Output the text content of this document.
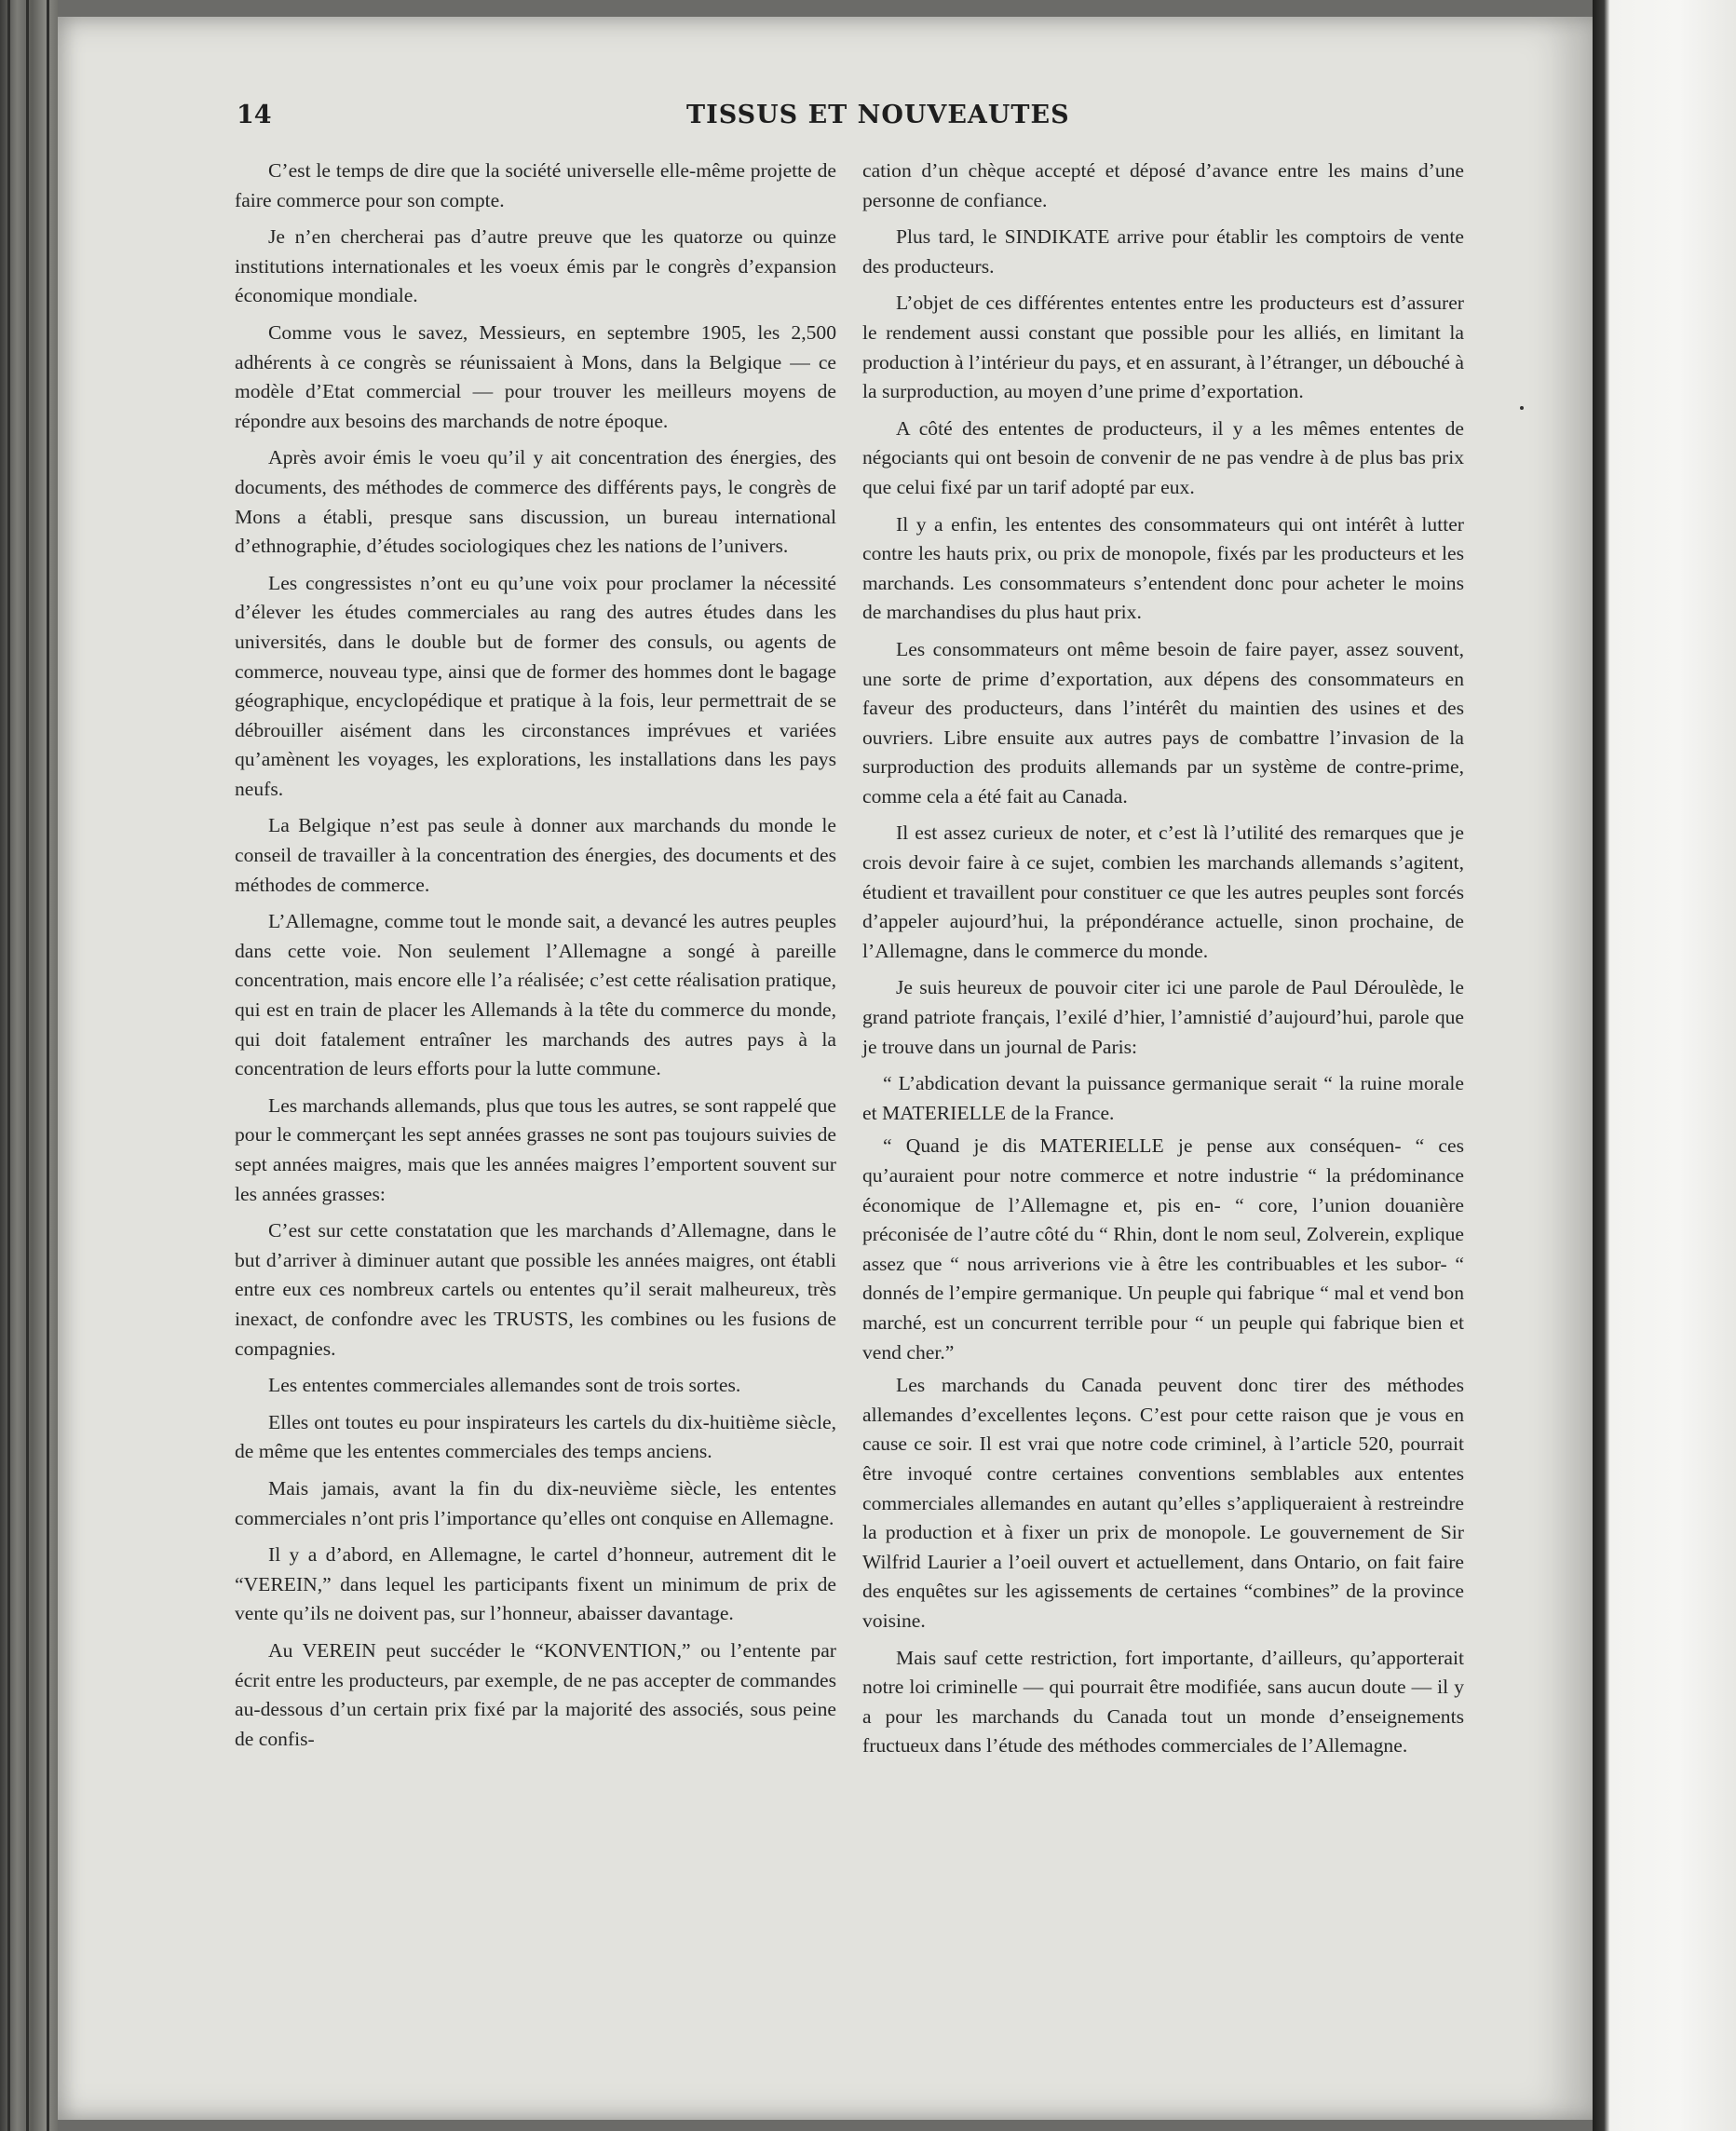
14	TISSUS ET NOUVEAUTES

C’est le temps de dire que la société universelle elle-même projette de faire commerce pour son compte.

Je n’en chercherai pas d’autre preuve que les quatorze ou quinze institutions internationales et les voeux émis par le congrès d’expansion économique mondiale.

Comme vous le savez, Messieurs, en septembre 1905, les 2,500 adhérents à ce congrès se réunissaient à Mons, dans la Belgique — ce modèle d’Etat commercial — pour trouver les meilleurs moyens de répondre aux besoins des marchands de notre époque.

Après avoir émis le voeu qu’il y ait concentration des énergies, des documents, des méthodes de commerce des différents pays, le congrès de Mons a établi, presque sans discussion, un bureau international d’ethnographie, d’études sociologiques chez les nations de l’univers.

Les congressistes n’ont eu qu’une voix pour proclamer la nécessité d’élever les études commerciales au rang des autres études dans les universités, dans le double but de former des consuls, ou agents de commerce, nouveau type, ainsi que de former des hommes dont le bagage géographique, encyclopédique et pratique à la fois, leur permettrait de se débrouiller aisément dans les circonstances imprévues et variées qu’amènent les voyages, les explorations, les installations dans les pays neufs.

La Belgique n’est pas seule à donner aux marchands du monde le conseil de travailler à la concentration des énergies, des documents et des méthodes de commerce.

L’Allemagne, comme tout le monde sait, a devancé les autres peuples dans cette voie. Non seulement l’Allemagne a songé à pareille concentration, mais encore elle l’a réalisée; c’est cette réalisation pratique, qui est en train de placer les Allemands à la tête du commerce du monde, qui doit fatalement entraîner les marchands des autres pays à la concentration de leurs efforts pour la lutte commune.

Les marchands allemands, plus que tous les autres, se sont rappelé que pour le commerçant les sept années grasses ne sont pas toujours suivies de sept années maigres, mais que les années maigres l’emportent souvent sur les années grasses:

C’est sur cette constatation que les marchands d’Allemagne, dans le but d’arriver à diminuer autant que possible les années maigres, ont établi entre eux ces nombreux cartels ou ententes qu’il serait malheureux, très inexact, de confondre avec les TRUSTS, les combines ou les fusions de compagnies.

Les ententes commerciales allemandes sont de trois sortes.

Elles ont toutes eu pour inspirateurs les cartels du dix-huitième siècle, de même que les ententes commerciales des temps anciens.

Mais jamais, avant la fin du dix-neuvième siècle, les ententes commerciales n’ont pris l’importance qu’elles ont conquise en Allemagne.

Il y a d’abord, en Allemagne, le cartel d’honneur, autrement dit le “VEREIN,” dans lequel les participants fixent un minimum de prix de vente qu’ils ne doivent pas, sur l’honneur, abaisser davantage.

Au VEREIN peut succéder le “KONVENTION,” ou l’entente par écrit entre les producteurs, par exemple, de ne pas accepter de commandes au-dessous d’un certain prix fixé par la majorité des associés, sous peine de confis-

cation d’un chèque accepté et déposé d’avance entre les mains d’une personne de confiance.

Plus tard, le SINDIKATE arrive pour établir les comptoirs de vente des producteurs.

L’objet de ces différentes ententes entre les producteurs est d’assurer le rendement aussi constant que possible pour les alliés, en limitant la production à l’intérieur du pays, et en assurant, à l’étranger, un débouché à la surproduction, au moyen d’une prime d’exportation.

A côté des ententes de producteurs, il y a les mêmes ententes de négociants qui ont besoin de convenir de ne pas vendre à de plus bas prix que celui fixé par un tarif adopté par eux.

Il y a enfin, les ententes des consommateurs qui ont intérêt à lutter contre les hauts prix, ou prix de monopole, fixés par les producteurs et les marchands. Les consommateurs s’entendent donc pour acheter le moins de marchandises du plus haut prix.

Les consommateurs ont même besoin de faire payer, assez souvent, une sorte de prime d’exportation, aux dépens des consommateurs en faveur des producteurs, dans l’intérêt du maintien des usines et des ouvriers. Libre ensuite aux autres pays de combattre l’invasion de la surproduction des produits allemands par un système de contre-prime, comme cela a été fait au Canada.

Il est assez curieux de noter, et c’est là l’utilité des remarques que je crois devoir faire à ce sujet, combien les marchands allemands s’agitent, étudient et travaillent pour constituer ce que les autres peuples sont forcés d’appeler aujourd’hui, la prépondérance actuelle, sinon prochaine, de l’Allemagne, dans le commerce du monde.

Je suis heureux de pouvoir citer ici une parole de Paul Déroulède, le grand patriote français, l’exilé d’hier, l’amnistié d’aujourd’hui, parole que je trouve dans un journal de Paris:

“ L’abdication devant la puissance germanique serait “ la ruine morale et MATERIELLE de la France.

“ Quand je dis MATERIELLE je pense aux conséquen- “ ces qu’auraient pour notre commerce et notre industrie “ la prédominance économique de l’Allemagne et, pis en- “ core, l’union douanière préconisée de l’autre côté du “ Rhin, dont le nom seul, Zolverein, explique assez que “ nous arriverions vie à être les contribuables et les subor- “ donnés de l’empire germanique. Un peuple qui fabrique “ mal et vend bon marché, est un concurrent terrible pour “ un peuple qui fabrique bien et vend cher.”

Les marchands du Canada peuvent donc tirer des méthodes allemandes d’excellentes leçons. C’est pour cette raison que je vous en cause ce soir. Il est vrai que notre code criminel, à l’article 520, pourrait être invoqué contre certaines conventions semblables aux ententes commerciales allemandes en autant qu’elles s’appliqueraient à restreindre la production et à fixer un prix de monopole. Le gouvernement de Sir Wilfrid Laurier a l’oeil ouvert et actuellement, dans Ontario, on fait faire des enquêtes sur les agissements de certaines “combines” de la province voisine.

Mais sauf cette restriction, fort importante, d’ailleurs, qu’apporterait notre loi criminelle — qui pourrait être modifiée, sans aucun doute — il y a pour les marchands du Canada tout un monde d’enseignements fructueux dans l’étude des méthodes commerciales de l’Allemagne.
